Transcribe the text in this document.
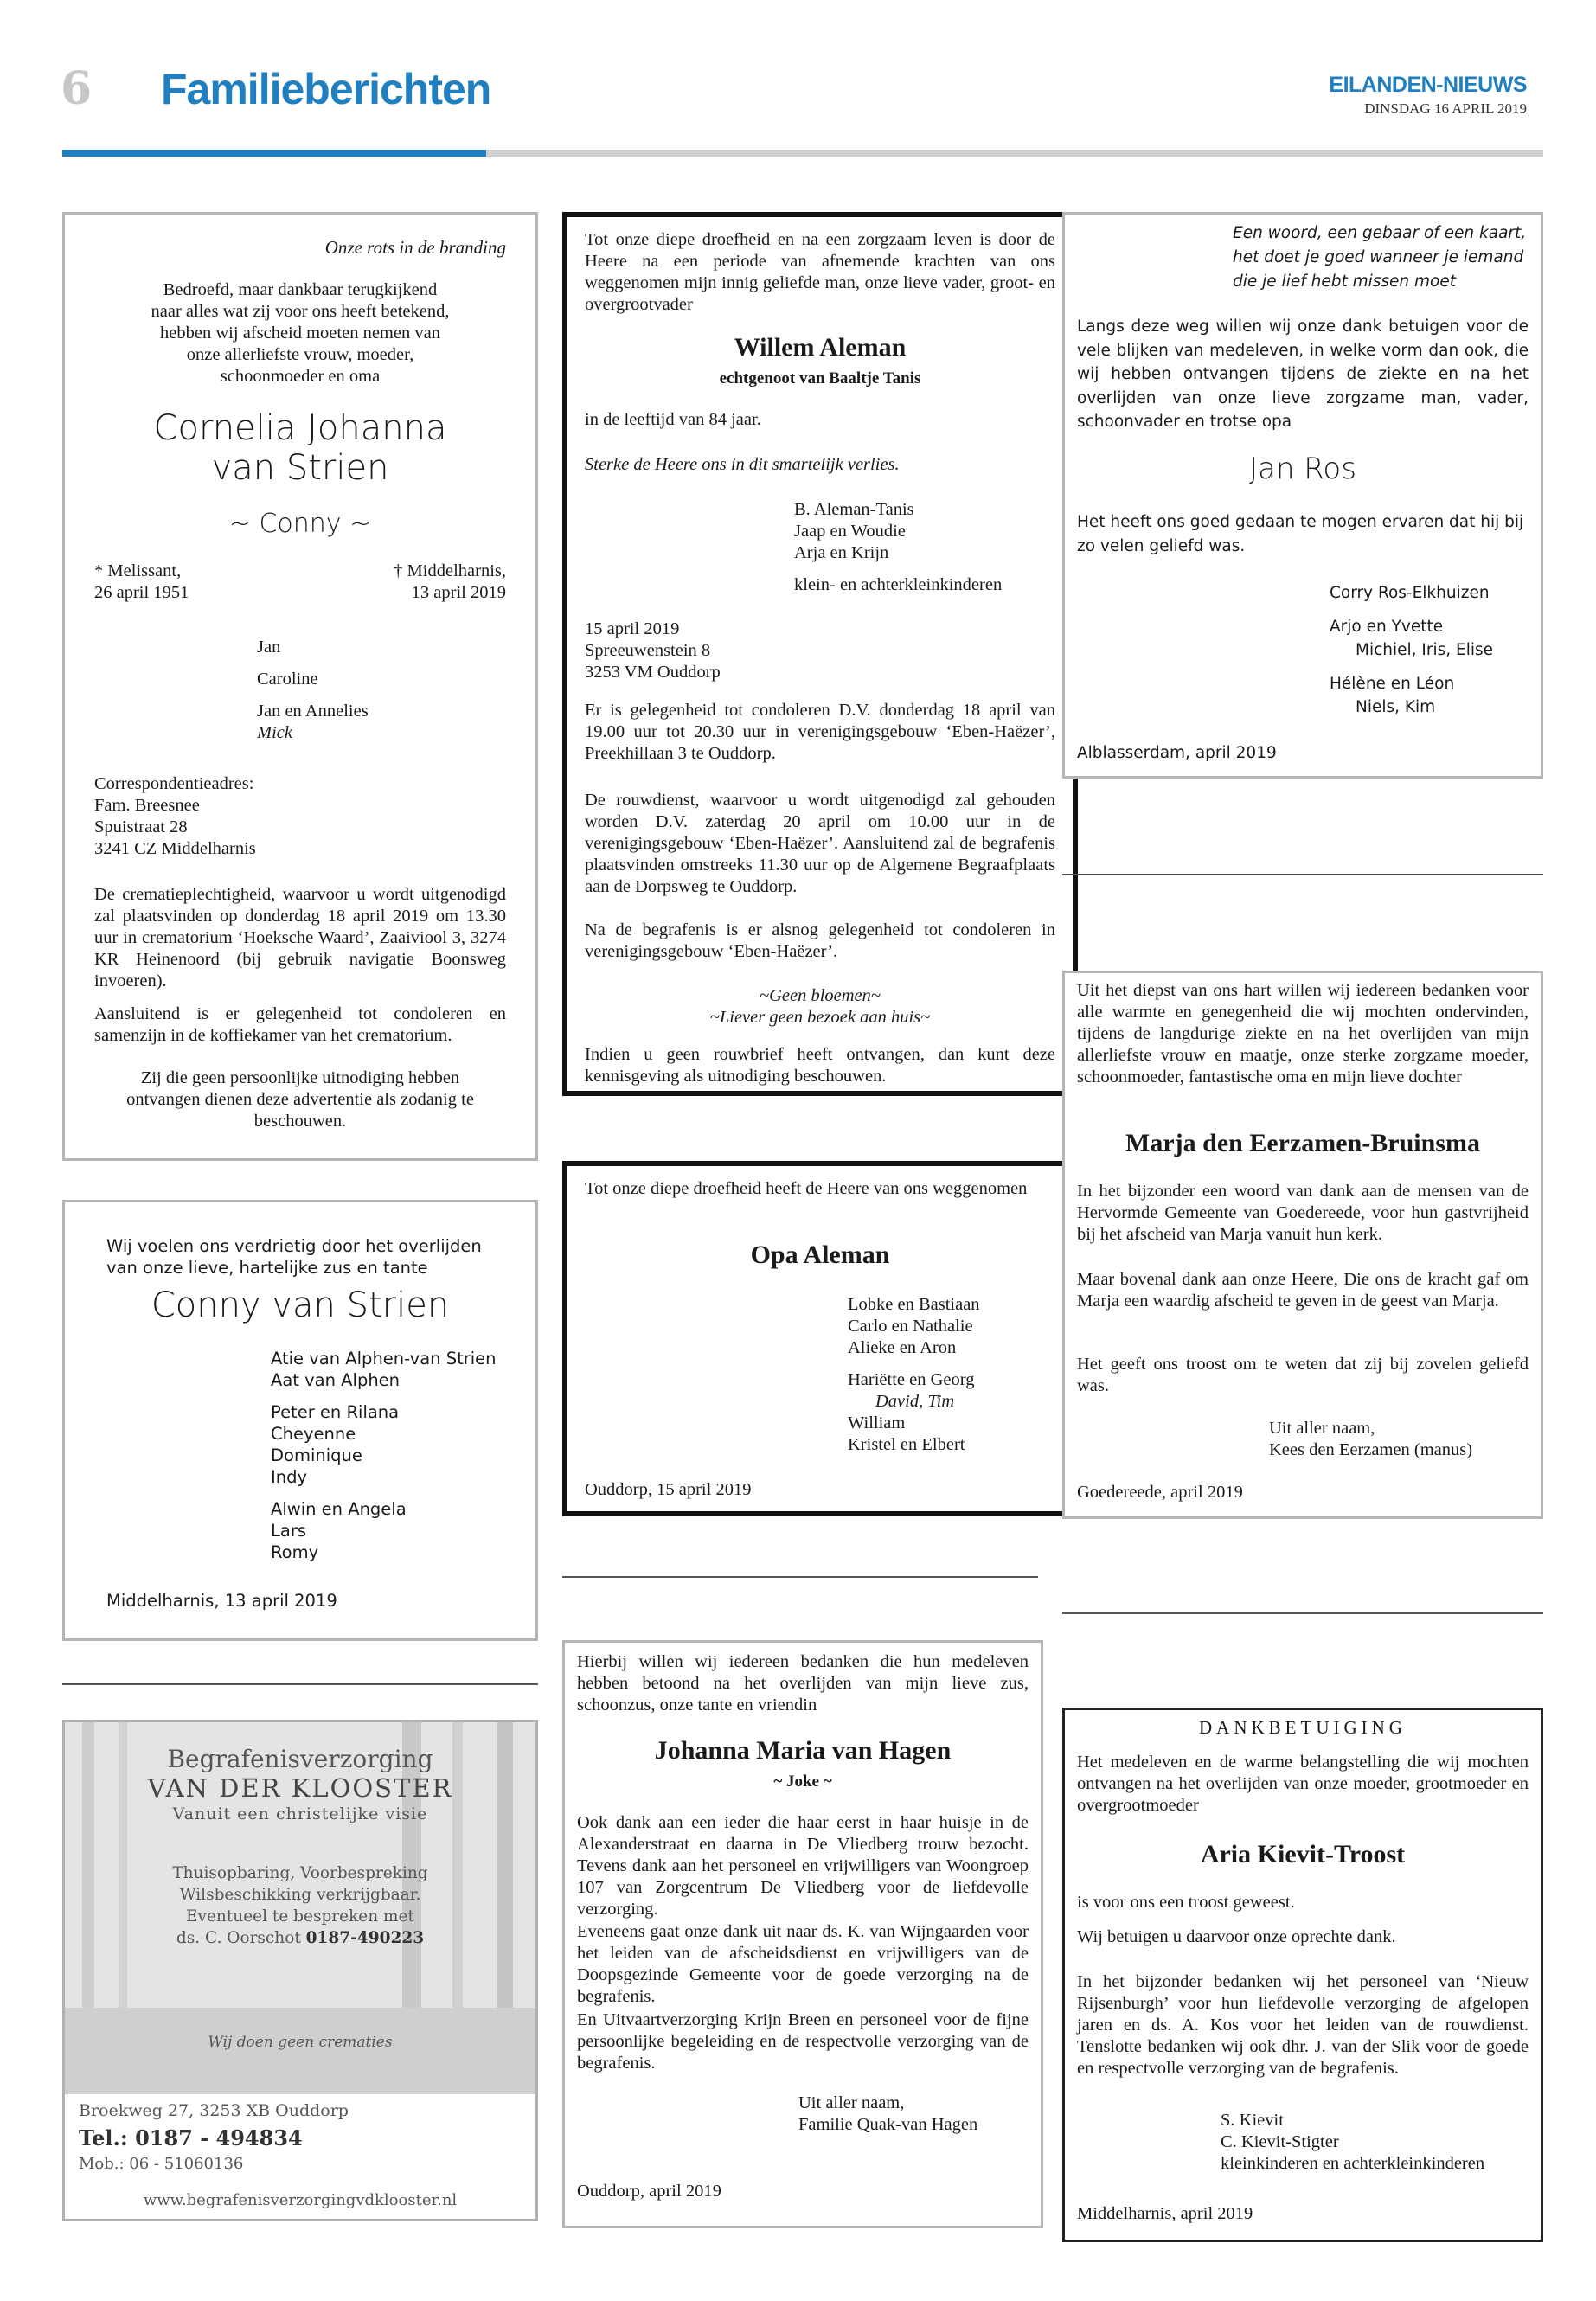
6 Familieberichten	EILANDEN-NIEUWS
DINSDAG 16 APRIL 2019
Onze rots in de branding
Bedroefd, maar dankbaar terugkijkend
naar alles wat zij voor ons heeft betekend,
hebben wij afscheid moeten nemen van
onze allerliefste vrouw, moeder,
schoonmoeder en oma
Cornelia Johanna
van Strien
~ Conny ~
* Melissant,
26 april 1951
† Middelharnis,
13 april 2019
Jan
Caroline
Jan en Annelies
Mick
Correspondentieadres:
Fam. Breesnee
Spuistraat 28
3241 CZ Middelharnis
De crematieplechtigheid, waarvoor u wordt uitgenodigd zal plaatsvinden op donderdag 18 april 2019 om 13.30 uur in crematorium ‘Hoeksche Waard’, Zaaiviool 3, 3274 KR Heinenoord (bij gebruik navigatie Boonsweg invoeren).
Aansluitend is er gelegenheid tot condoleren en samenzijn in de koffiekamer van het crematorium.
Zij die geen persoonlijke uitnodiging hebben
ontvangen dienen deze advertentie als zodanig te
beschouwen.
Wij voelen ons verdrietig door het overlijden
van onze lieve, hartelijke zus en tante
Conny van Strien
Atie van Alphen-van Strien
Aat van Alphen
Peter en Rilana
Cheyenne
Dominique
Indy
Alwin en Angela
Lars
Romy
Middelharnis, 13 april 2019
Begrafenisverzorging
VAN DER KLOOSTER
Vanuit een christelijke visie
Thuisopbaring, Voorbespreking
Wilsbeschikking verkrijgbaar.
Eventueel te bespreken met
ds. C. Oorschot 0187-490223
Wij doen geen crematies
Broekweg 27, 3253 XB Ouddorp
Tel.: 0187 - 494834
Mob.: 06 - 51060136
www.begrafenisverzorgingvdklooster.nl
Tot onze diepe droefheid en na een zorgzaam leven is door de Heere na een periode van afnemende krachten van ons weggenomen mijn innig geliefde man, onze lieve vader, groot- en overgrootvader
Willem Aleman
echtgenoot van Baaltje Tanis
in de leeftijd van 84 jaar.
Sterke de Heere ons in dit smartelijk verlies.
B. Aleman-Tanis
Jaap en Woudie
Arja en Krijn
klein- en achterkleinkinderen
15 april 2019
Spreeuwenstein 8
3253 VM Ouddorp
Er is gelegenheid tot condoleren D.V. donderdag 18 april van 19.00 uur tot 20.30 uur in verenigingsgebouw ‘Eben-Haëzer’, Preekhillaan 3 te Ouddorp.
De rouwdienst, waarvoor u wordt uitgenodigd zal gehouden worden D.V. zaterdag 20 april om 10.00 uur in de verenigingsgebouw ‘Eben-Haëzer’. Aansluitend zal de begrafenis plaatsvinden omstreeks 11.30 uur op de Algemene Begraafplaats aan de Dorpsweg te Ouddorp.
Na de begrafenis is er alsnog gelegenheid tot condoleren in verenigingsgebouw ‘Eben-Haëzer’.
~Geen bloemen~
~Liever geen bezoek aan huis~
Indien u geen rouwbrief heeft ontvangen, dan kunt deze kennisgeving als uitnodiging beschouwen.
Tot onze diepe droefheid heeft de Heere van ons weggenomen
Opa Aleman
Lobke en Bastiaan
Carlo en Nathalie
Alieke en Aron
Hariëtte en Georg
David, Tim
William
Kristel en Elbert
Ouddorp, 15 april 2019
Hierbij willen wij iedereen bedanken die hun medeleven hebben betoond na het overlijden van mijn lieve zus, schoonzus, onze tante en vriendin
Johanna Maria van Hagen
~ Joke ~
Ook dank aan een ieder die haar eerst in haar huisje in de Alexanderstraat en daarna in De Vliedberg trouw bezocht. Tevens dank aan het personeel en vrijwilligers van Woongroep 107 van Zorgcentrum De Vliedberg voor de liefdevolle verzorging.
Eveneens gaat onze dank uit naar ds. K. van Wijngaarden voor het leiden van de afscheidsdienst en vrijwilligers van de Doopsgezinde Gemeente voor de goede verzorging na de begrafenis.
En Uitvaartverzorging Krijn Breen en personeel voor de fijne persoonlijke begeleiding en de respectvolle verzorging van de begrafenis.
Uit aller naam,
Familie Quak-van Hagen
Ouddorp, april 2019
Een woord, een gebaar of een kaart,
het doet je goed wanneer je iemand
die je lief hebt missen moet
Langs deze weg willen wij onze dank betuigen voor de vele blijken van medeleven, in welke vorm dan ook, die wij hebben ontvangen tijdens de ziekte en na het overlijden van onze lieve zorgzame man, vader, schoonvader en trotse opa
Jan Ros
Het heeft ons goed gedaan te mogen ervaren dat hij bij zo velen geliefd was.
Corry Ros-Elkhuizen
Arjo en Yvette
Michiel, Iris, Elise
Hélène en Léon
Niels, Kim
Alblasserdam, april 2019
Uit het diepst van ons hart willen wij iedereen bedanken voor alle warmte en genegenheid die wij mochten ondervinden, tijdens de langdurige ziekte en na het overlijden van mijn allerliefste vrouw en maatje, onze sterke zorgzame moeder, schoonmoeder, fantastische oma en mijn lieve dochter
Marja den Eerzamen-Bruinsma
In het bijzonder een woord van dank aan de mensen van de Hervormde Gemeente van Goedereede, voor hun gastvrijheid bij het afscheid van Marja vanuit hun kerk.
Maar bovenal dank aan onze Heere, Die ons de kracht gaf om Marja een waardig afscheid te geven in de geest van Marja.
Het geeft ons troost om te weten dat zij bij zovelen geliefd was.
Uit aller naam,
Kees den Eerzamen (manus)
Goedereede, april 2019
DANKBETUIGING
Het medeleven en de warme belangstelling die wij mochten ontvangen na het overlijden van onze moeder, grootmoeder en overgrootmoeder
Aria Kievit-Troost
is voor ons een troost geweest.
Wij betuigen u daarvoor onze oprechte dank.
In het bijzonder bedanken wij het personeel van ‘Nieuw Rijsenburgh’ voor hun liefdevolle verzorging de afgelopen jaren en ds. A. Kos voor het leiden van de rouwdienst. Tenslotte bedanken wij ook dhr. J. van der Slik voor de goede en respectvolle verzorging van de begrafenis.
S. Kievit
C. Kievit-Stigter
kleinkinderen en achterkleinkinderen
Middelharnis, april 2019
